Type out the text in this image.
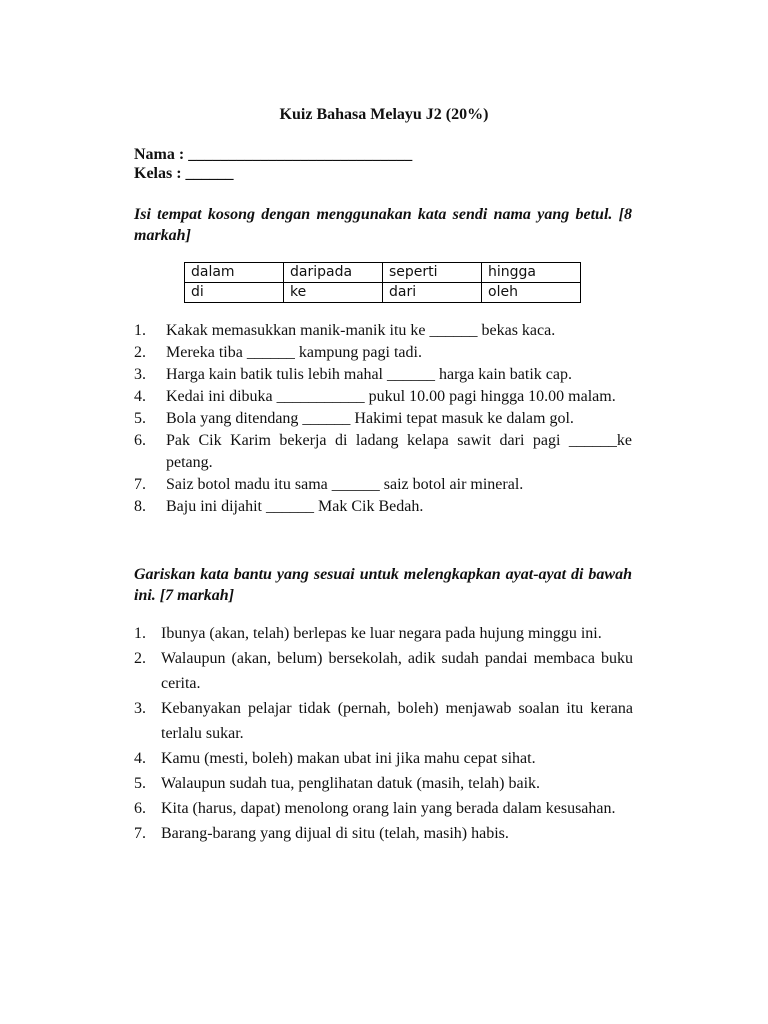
Kuiz Bahasa Melayu J2 (20%)
Nama : ____________________________
Kelas : ______
Isi tempat kosong dengan menggunakan kata sendi nama yang betul. [8 markah]
dalam	daripada	seperti	hingga
di	ke	dari	oleh
1. Kakak memasukkan manik-manik itu ke ______ bekas kaca.
2. Mereka tiba ______ kampung pagi tadi.
3. Harga kain batik tulis lebih mahal ______ harga kain batik cap.
4. Kedai ini dibuka ___________ pukul 10.00 pagi hingga 10.00 malam.
5. Bola yang ditendang ______ Hakimi tepat masuk ke dalam gol.
6. Pak Cik Karim bekerja di ladang kelapa sawit dari pagi ______ke petang.
7. Saiz botol madu itu sama ______ saiz botol air mineral.
8. Baju ini dijahit ______ Mak Cik Bedah.
Gariskan kata bantu yang sesuai untuk melengkapkan ayat-ayat di bawah ini. [7 markah]
1. Ibunya (akan, telah) berlepas ke luar negara pada hujung minggu ini.
2. Walaupun (akan, belum) bersekolah, adik sudah pandai membaca buku cerita.
3. Kebanyakan pelajar tidak (pernah, boleh) menjawab soalan itu kerana terlalu sukar.
4. Kamu (mesti, boleh) makan ubat ini jika mahu cepat sihat.
5. Walaupun sudah tua, penglihatan datuk (masih, telah) baik.
6. Kita (harus, dapat) menolong orang lain yang berada dalam kesusahan.
7. Barang-barang yang dijual di situ (telah, masih) habis.
